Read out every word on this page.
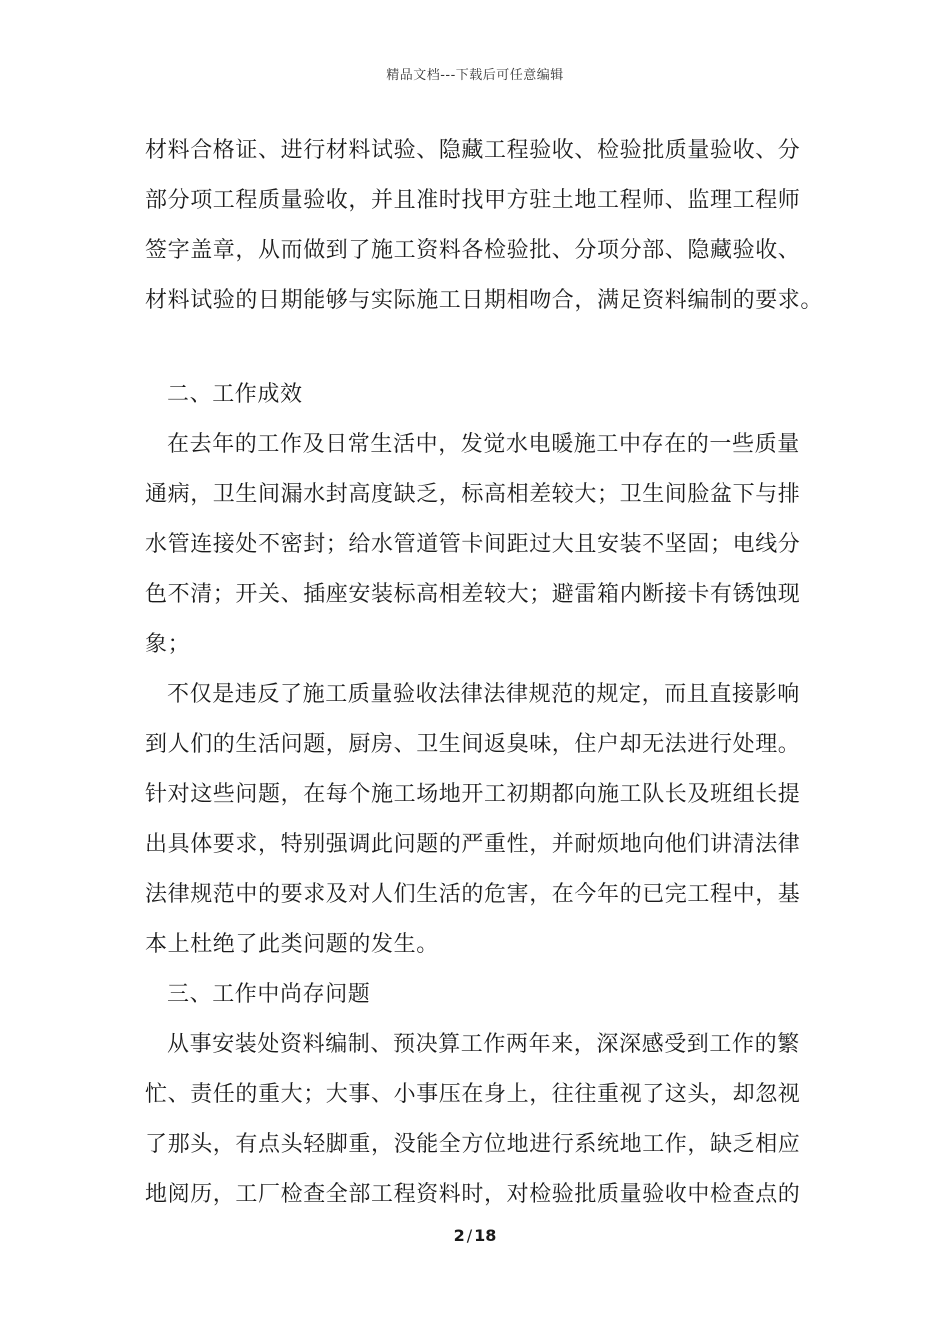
精品文档---下载后可任意编辑
材料合格证、进行材料试验、隐藏工程验收、检验批质量验收、分
部分项工程质量验收，并且准时找甲方驻土地工程师、监理工程师
签字盖章，从而做到了施工资料各检验批、分项分部、隐藏验收、
材料试验的日期能够与实际施工日期相吻合，满足资料编制的要求。
二、工作成效
在去年的工作及日常生活中，发觉水电暖施工中存在的一些质量
通病，卫生间漏水封高度缺乏，标高相差较大；卫生间脸盆下与排
水管连接处不密封；给水管道管卡间距过大且安装不坚固；电线分
色不清；开关、插座安装标高相差较大；避雷箱内断接卡有锈蚀现
象；
不仅是违反了施工质量验收法律法律规范的规定，而且直接影响
到人们的生活问题，厨房、卫生间返臭味，住户却无法进行处理。
针对这些问题，在每个施工场地开工初期都向施工队长及班组长提
出具体要求，特别强调此问题的严重性，并耐烦地向他们讲清法律
法律规范中的要求及对人们生活的危害，在今年的已完工程中，基
本上杜绝了此类问题的发生。
三、工作中尚存问题
从事安装处资料编制、预决算工作两年来，深深感受到工作的繁
忙、责任的重大；大事、小事压在身上，往往重视了这头，却忽视
了那头，有点头轻脚重，没能全方位地进行系统地工作，缺乏相应
地阅历，工厂检查全部工程资料时，对检验批质量验收中检查点的
2 / 18
